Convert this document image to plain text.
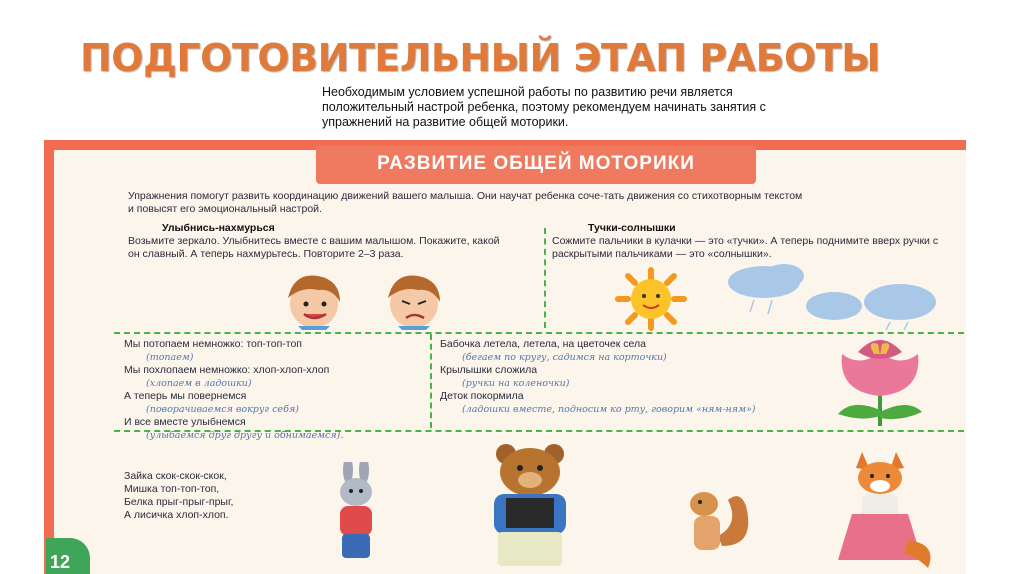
ПОДГОТОВИТЕЛЬНЫЙ ЭТАП РАБОТЫ
Необходимым условием успешной работы по развитию речи является положительный настрой ребенка, поэтому рекомендуем начинать занятия с упражнений на развитие общей моторики.
РАЗВИТИЕ ОБЩЕЙ МОТОРИКИ
Упражнения помогут развить координацию движений вашего малыша. Они научат ребенка соче-тать движения со стихотворным текстом и повысят его эмоциональный настрой.
Улыбнись-нахмурься
Возьмите зеркало. Улыбнитесь вместе с вашим малышом. Покажите, какой он славный. А теперь нахмурьтесь. Повторите 2–3 раза.
Тучки-солнышки
Сожмите пальчики в кулачки — это «тучки». А теперь поднимите вверх ручки с раскрытыми пальчиками — это «солнышки».
Мы потопаем немножко: топ-топ-топ
(топаем)
Мы похлопаем немножко: хлоп-хлоп-хлоп
(хлопаем в ладошки)
А теперь мы повернемся
(поворачиваемся вокруг себя)
И все вместе улыбнемся
(улыбаемся друг другу и обнимаемся).
Бабочка летела, летела, на цветочек села
(бегаем по кругу, садимся на корточки)
Крылышки сложила
(ручки на коленочки)
Деток покормила
(ладошки вместе, подносим ко рту, говорим «ням-ням»)
Зайка скок-скок-скок,
Мишка топ-топ-топ,
Белка прыг-прыг-прыг,
А лисичка хлоп-хлоп.
12
